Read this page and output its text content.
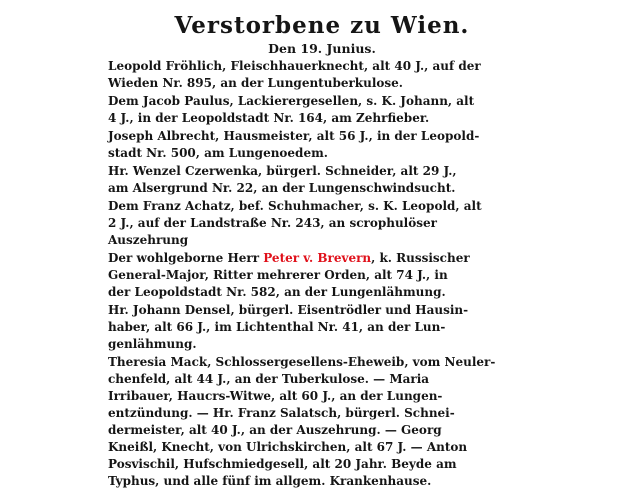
Verstorbene zu Wien.
Den 19. Junius.
Leopold Fröhlich, Fleischhauerknecht, alt 40 J., auf der
Wieden Nr. 895, an der Lungentuberkulose.
Dem Jacob Paulus, Lackierergesellen, s. K. Johann, alt
4 J., in der Leopoldstadt Nr. 164, am Zehrfieber.
Joseph Albrecht, Hausmeister, alt 56 J., in der Leopold-
stadt Nr. 500, am Lungenoedem.
Hr. Wenzel Czerwenka, bürgerl. Schneider, alt 29 J.,
am Alsergrund Nr. 22, an der Lungenschwindsucht.
Dem Franz Achatz, bef. Schuhmacher, s. K. Leopold, alt
2 J., auf der Landstraße Nr. 243, an scrophulöser
Auszehrung
Der wohlgeborne Herr Peter v. Brevern, k. Russischer
General-Major, Ritter mehrerer Orden, alt 74 J., in
der Leopoldstadt Nr. 582, an der Lungenlähmung.
Hr. Johann Densel, bürgerl. Eisentrödler und Hausin-
haber, alt 66 J., im Lichtenthal Nr. 41, an der Lun-
genlähmung.
Theresia Mack, Schlossergesellens-Eheweib, vom Neuler-
chenfeld, alt 44 J., an der Tuberkulose. — Maria
Irribauer, Haucrs-Witwe, alt 60 J., an der Lungen-
entzündung. — Hr. Franz Salatsch, bürgerl. Schnei-
dermeister, alt 40 J., an der Auszehrung. — Georg
Kneißl, Knecht, von Ulrichskirchen, alt 67 J. — Anton
Posvischil, Hufschmiedgesell, alt 20 Jahr. Beyde am
Typhus, und alle fünf im allgem. Krankenhause.
